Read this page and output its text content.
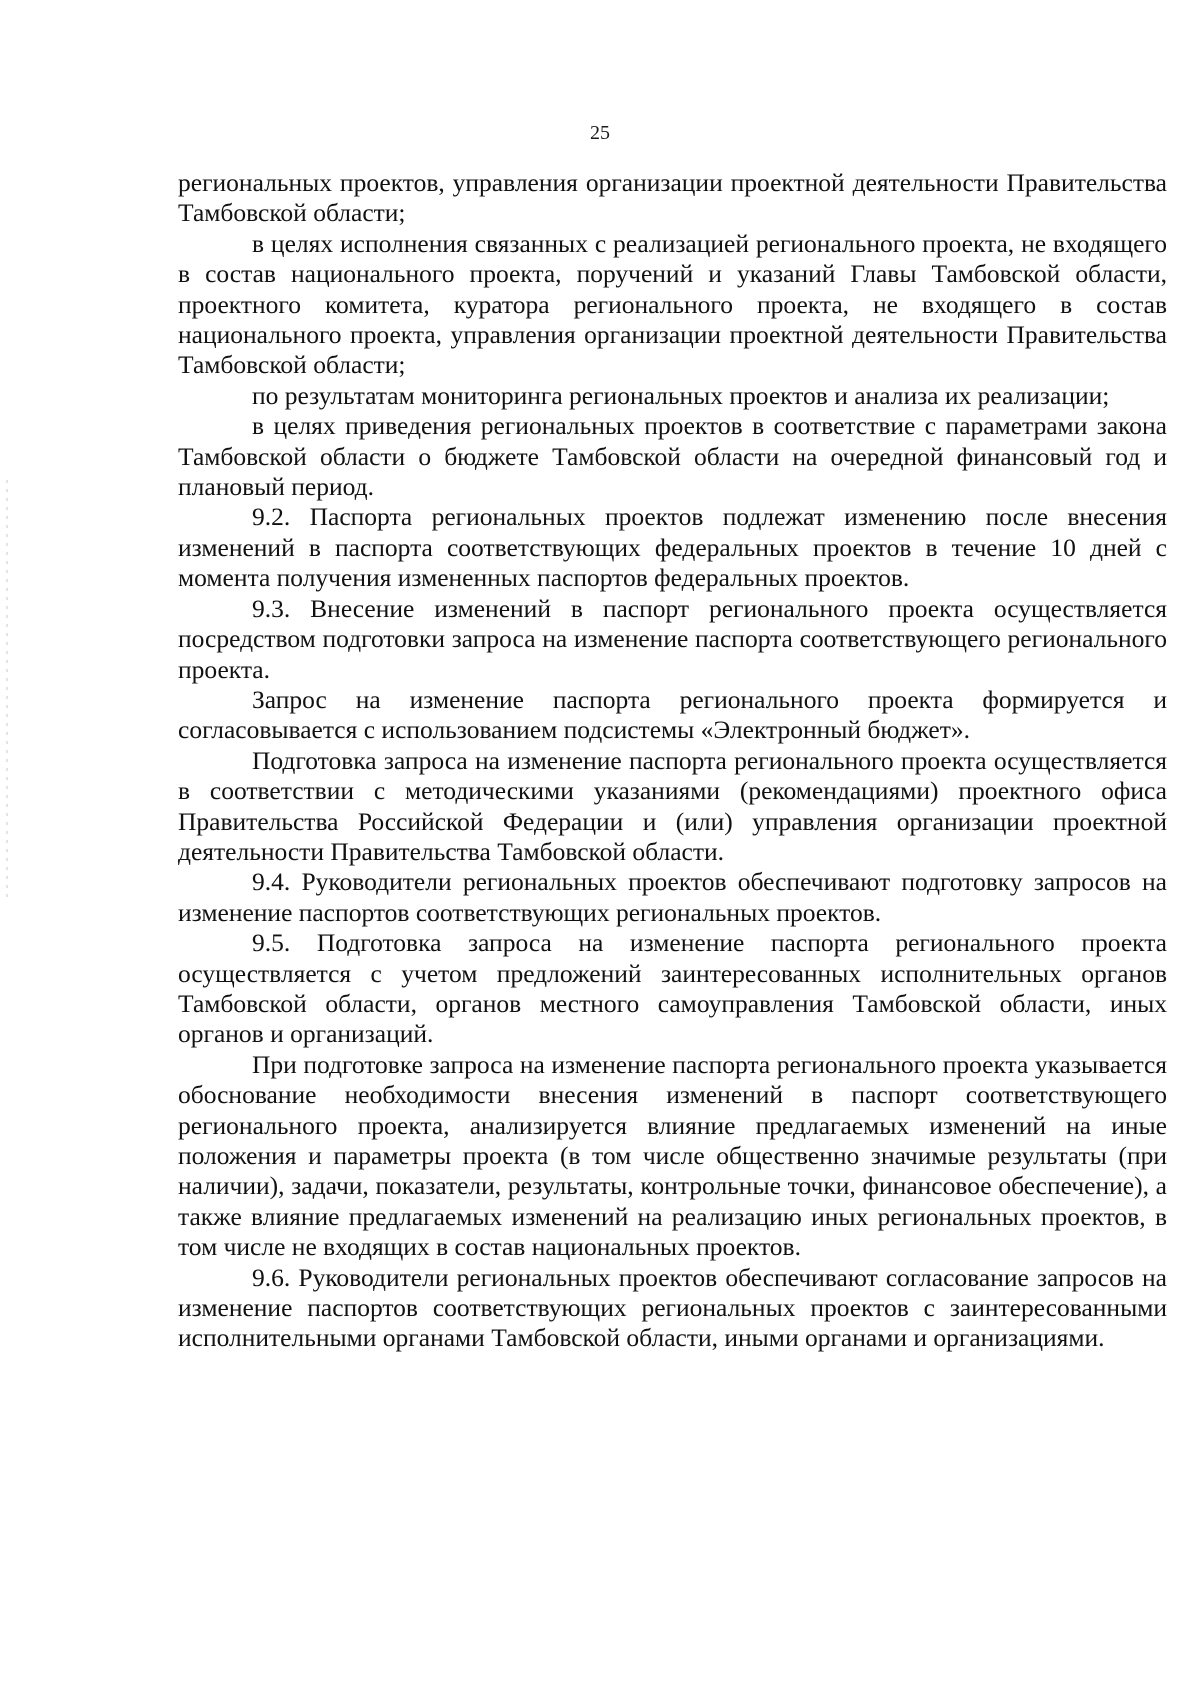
25

региональных проектов, управления организации проектной деятельности Правительства Тамбовской области;

в целях исполнения связанных с реализацией регионального проекта, не входящего в состав национального проекта, поручений и указаний Главы Тамбовской области, проектного комитета, куратора регионального проекта, не входящего в состав национального проекта, управления организации проектной деятельности Правительства Тамбовской области;

по результатам мониторинга региональных проектов и анализа их реализации;

в целях приведения региональных проектов в соответствие с параметрами закона Тамбовской области о бюджете Тамбовской области на очередной финансовый год и плановый период.

9.2. Паспорта региональных проектов подлежат изменению после внесения изменений в паспорта соответствующих федеральных проектов в течение 10 дней с момента получения измененных паспортов федеральных проектов.

9.3. Внесение изменений в паспорт регионального проекта осуществляется посредством подготовки запроса на изменение паспорта соответствующего регионального проекта.

Запрос на изменение паспорта регионального проекта формируется и согласовывается с использованием подсистемы «Электронный бюджет».

Подготовка запроса на изменение паспорта регионального проекта осуществляется в соответствии с методическими указаниями (рекомендациями) проектного офиса Правительства Российской Федерации и (или) управления организации проектной деятельности Правительства Тамбовской области.

9.4. Руководители региональных проектов обеспечивают подготовку запросов на изменение паспортов соответствующих региональных проектов.

9.5. Подготовка запроса на изменение паспорта регионального проекта осуществляется с учетом предложений заинтересованных исполнительных органов Тамбовской области, органов местного самоуправления Тамбовской области, иных органов и организаций.

При подготовке запроса на изменение паспорта регионального проекта указывается обоснование необходимости внесения изменений в паспорт соответствующего регионального проекта, анализируется влияние предлагаемых изменений на иные положения и параметры проекта (в том числе общественно значимые результаты (при наличии), задачи, показатели, результаты, контрольные точки, финансовое обеспечение), а также влияние предлагаемых изменений на реализацию иных региональных проектов, в том числе не входящих в состав национальных проектов.

9.6. Руководители региональных проектов обеспечивают согласование запросов на изменение паспортов соответствующих региональных проектов с заинтересованными исполнительными органами Тамбовской области, иными органами и организациями.
